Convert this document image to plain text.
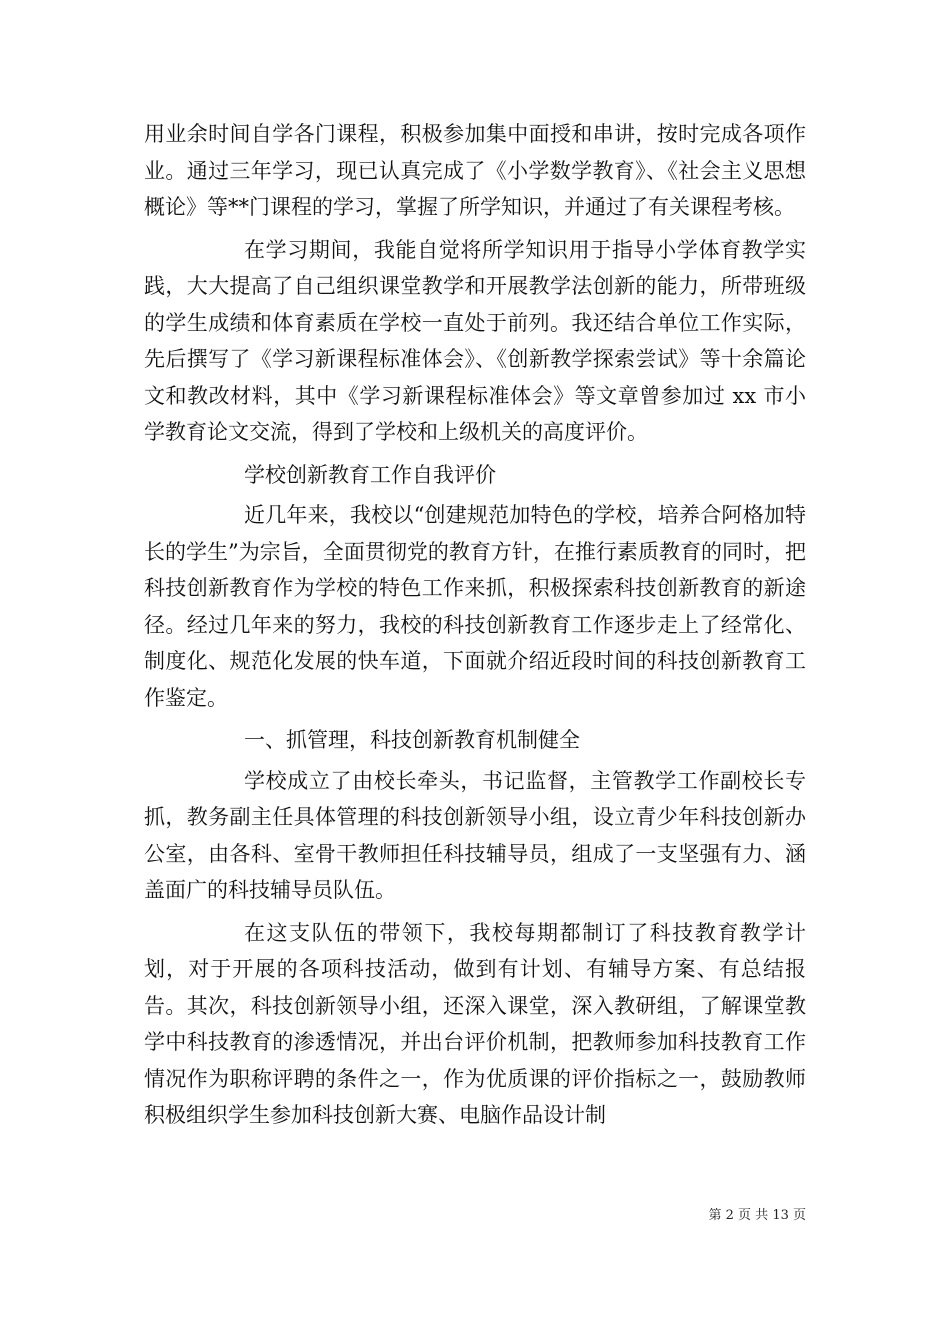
用业余时间自学各门课程，积极参加集中面授和串讲，按时完成各项作业。通过三年学习，现已认真完成了《小学数学教育》、《社会主义思想概论》等**门课程的学习，掌握了所学知识，并通过了有关课程考核。

在学习期间，我能自觉将所学知识用于指导小学体育教学实践，大大提高了自己组织课堂教学和开展教学法创新的能力，所带班级的学生成绩和体育素质在学校一直处于前列。我还结合单位工作实际，先后撰写了《学习新课程标准体会》、《创新教学探索尝试》等十余篇论文和教改材料，其中《学习新课程标准体会》等文章曾参加过 xx 市小学教育论文交流，得到了学校和上级机关的高度评价。

学校创新教育工作自我评价

近几年来，我校以“创建规范加特色的学校，培养合阿格加特长的学生”为宗旨，全面贯彻党的教育方针，在推行素质教育的同时，把科技创新教育作为学校的特色工作来抓，积极探索科技创新教育的新途径。经过几年来的努力，我校的科技创新教育工作逐步走上了经常化、制度化、规范化发展的快车道，下面就介绍近段时间的科技创新教育工作鉴定。

一、抓管理，科技创新教育机制健全

学校成立了由校长牵头，书记监督，主管教学工作副校长专抓，教务副主任具体管理的科技创新领导小组，设立青少年科技创新办公室，由各科、室骨干教师担任科技辅导员，组成了一支坚强有力、涵盖面广的科技辅导员队伍。

在这支队伍的带领下，我校每期都制订了科技教育教学计划，对于开展的各项科技活动，做到有计划、有辅导方案、有总结报告。其次，科技创新领导小组，还深入课堂，深入教研组，了解课堂教学中科技教育的渗透情况，并出台评价机制，把教师参加科技教育工作情况作为职称评聘的条件之一，作为优质课的评价指标之一，鼓励教师积极组织学生参加科技创新大赛、电脑作品设计制

第 2 页 共 13 页
